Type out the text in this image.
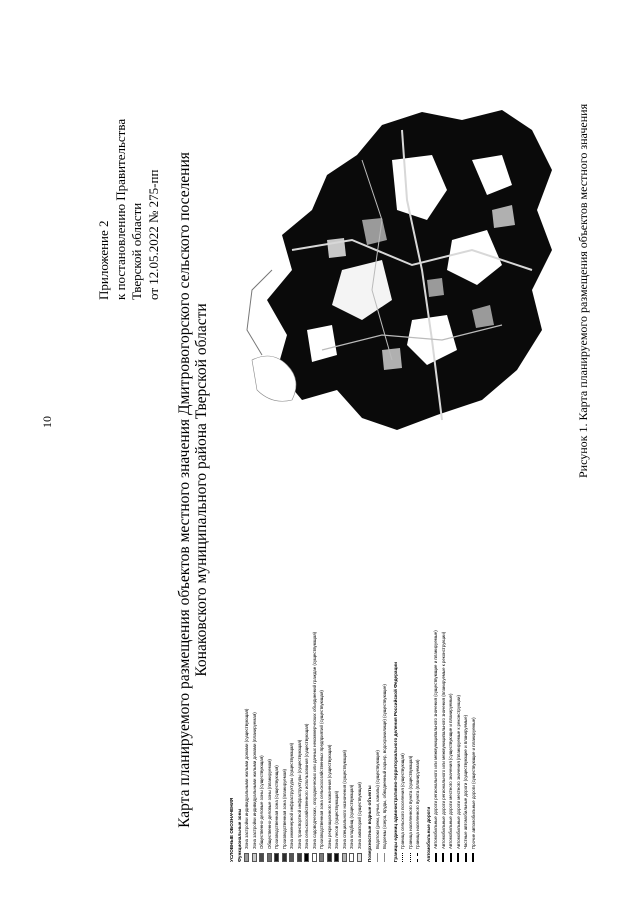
10
Приложение 2 к постановлению Правительства Тверской области от 12.05.2022 № 275-пп Карта планируемого размещения объектов местного значения Дмитровогорского сельского поселения Конаковского муниципального района Тверской области
Рисунок 1. Карта планируемого размещения объектов местного значения
УСЛОВНЫЕ ОБОЗНАЧЕНИЯ Функциональные зоны Зона застройки индивидуальными жилыми домами (существующая) Зона застройки индивидуальными жилыми домами (планируемая) Общественно-деловые зоны (существующая) Общественно-деловые зоны (планируемая) Производственная зона (существующая) Производственная зона (планируемая) Зона инженерной инфраструктуры (существующая) Зона транспортной инфраструктуры (существующая) Зона сельскохозяйственного использования (существующая) Зона садоводческих, огороднических или дачных некоммерческих объединений граждан (существующая) Производственная зона сельскохозяйственных предприятий (существующая) Зоны рекреационного назначения (существующая) Зона лесов (существующая) Зона специального назначения (существующая) Зона кладбищ (существующая) Зона акваторий (существующая)	Поверхностные водные объекты Водотоки (реки, ручьи, каналы) (существующие) Водоемы (озера, пруды, обводненный карьер, водохранилище) (существующие)	Границы единиц административно-территориального деления Российской Федерации Граница сельского поселения (существующая) Граница населенного пункта (существующая) Граница населенного пункта (планируемая)	Автомобильные дороги Автомобильные дороги регионального или межмуниципального значения (существующие и планируемые) Автомобильные дороги регионального или межмуниципального значения (планируемые к реконструкции) Автомобильные дороги местного значения (существующие и планируемые) Автомобильные дороги местного значения (планируемые к реконструкции) Частные автомобильные дороги (существующие и планируемые) Прочие автомобильные дороги (существующие и планируемые)
